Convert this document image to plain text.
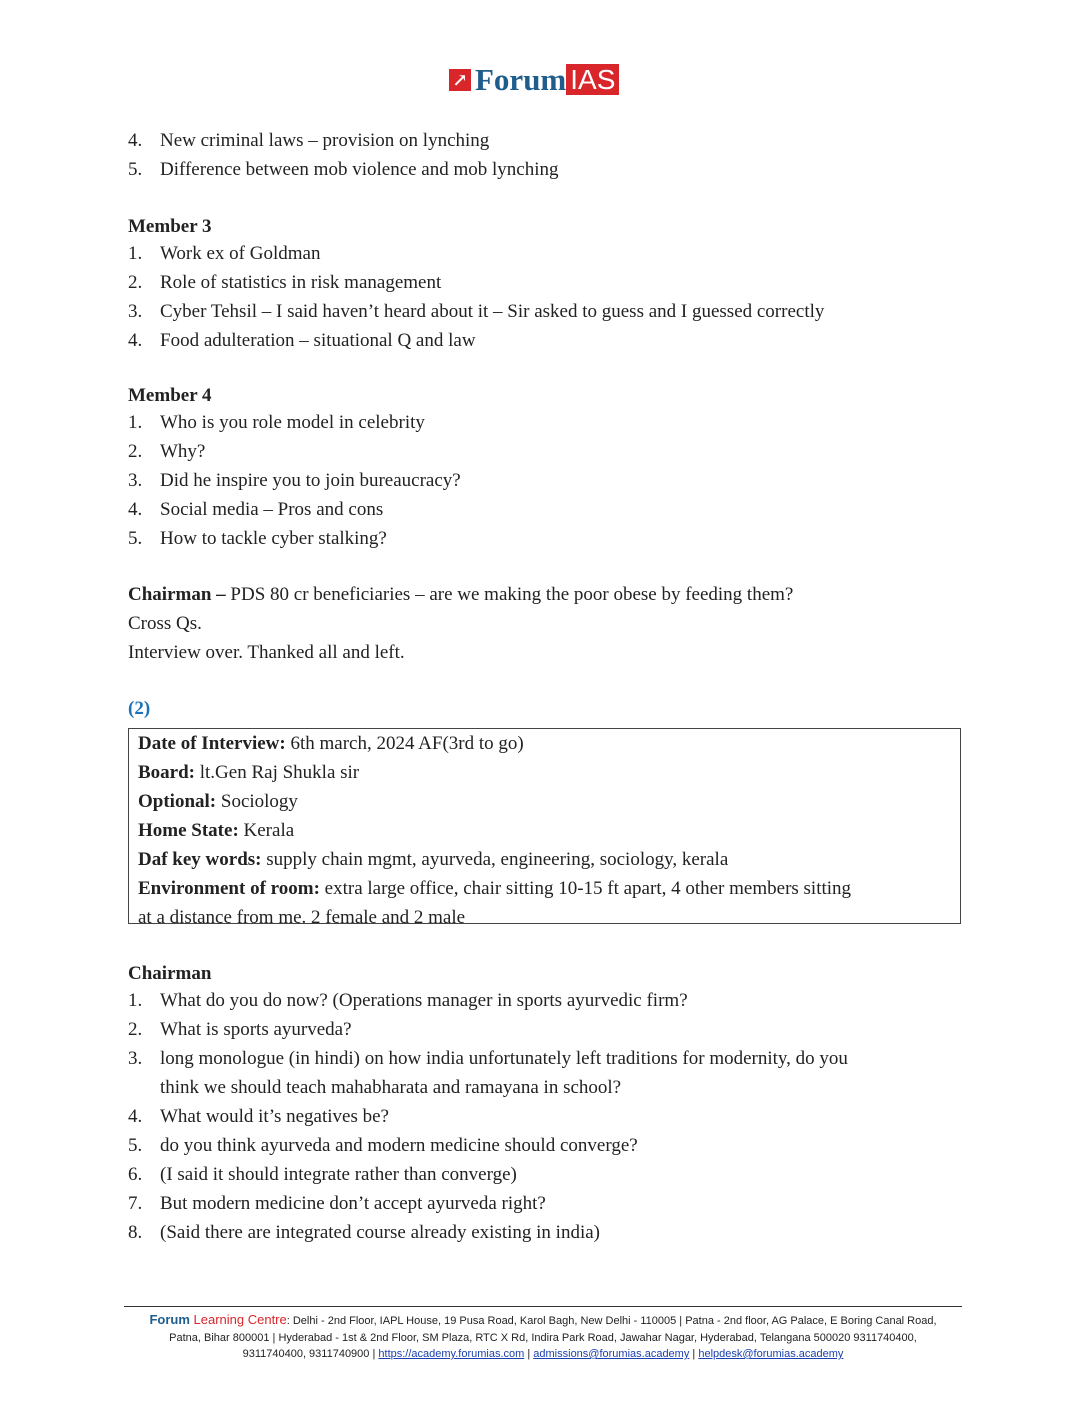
↗ Forum IAS
4. New criminal laws – provision on lynching
5. Difference between mob violence and mob lynching
Member 3
1. Work ex of Goldman
2. Role of statistics in risk management
3. Cyber Tehsil – I said haven’t heard about it – Sir asked to guess and I guessed correctly
4. Food adulteration – situational Q and law
Member 4
1. Who is you role model in celebrity
2. Why?
3. Did he inspire you to join bureaucracy?
4. Social media – Pros and cons
5. How to tackle cyber stalking?
Chairman – PDS 80 cr beneficiaries – are we making the poor obese by feeding them?
Cross Qs.
Interview over. Thanked all and left.
(2)
Date of Interview: 6th march, 2024 AF(3rd to go)
Board: lt.Gen Raj Shukla sir
Optional: Sociology
Home State: Kerala
Daf key words: supply chain mgmt, ayurveda, engineering, sociology, kerala
Environment of room: extra large office, chair sitting 10-15 ft apart, 4 other members sitting
at a distance from me. 2 female and 2 male
Chairman
1. What do you do now? (Operations manager in sports ayurvedic firm?
2. What is sports ayurveda?
3. long monologue (in hindi) on how india unfortunately left traditions for modernity, do you
think we should teach mahabharata and ramayana in school?
4. What would it’s negatives be?
5. do you think ayurveda and modern medicine should converge?
6. (I said it should integrate rather than converge)
7. But modern medicine don’t accept ayurveda right?
8. (Said there are integrated course already existing in india)
Forum Learning Centre: Delhi - 2nd Floor, IAPL House, 19 Pusa Road, Karol Bagh, New Delhi - 110005 | Patna - 2nd floor, AG Palace, E Boring Canal Road,
Patna, Bihar 800001 | Hyderabad - 1st & 2nd Floor, SM Plaza, RTC X Rd, Indira Park Road, Jawahar Nagar, Hyderabad, Telangana 500020 9311740400,
9311740400, 9311740900 | https://academy.forumias.com | admissions@forumias.academy | helpdesk@forumias.academy
